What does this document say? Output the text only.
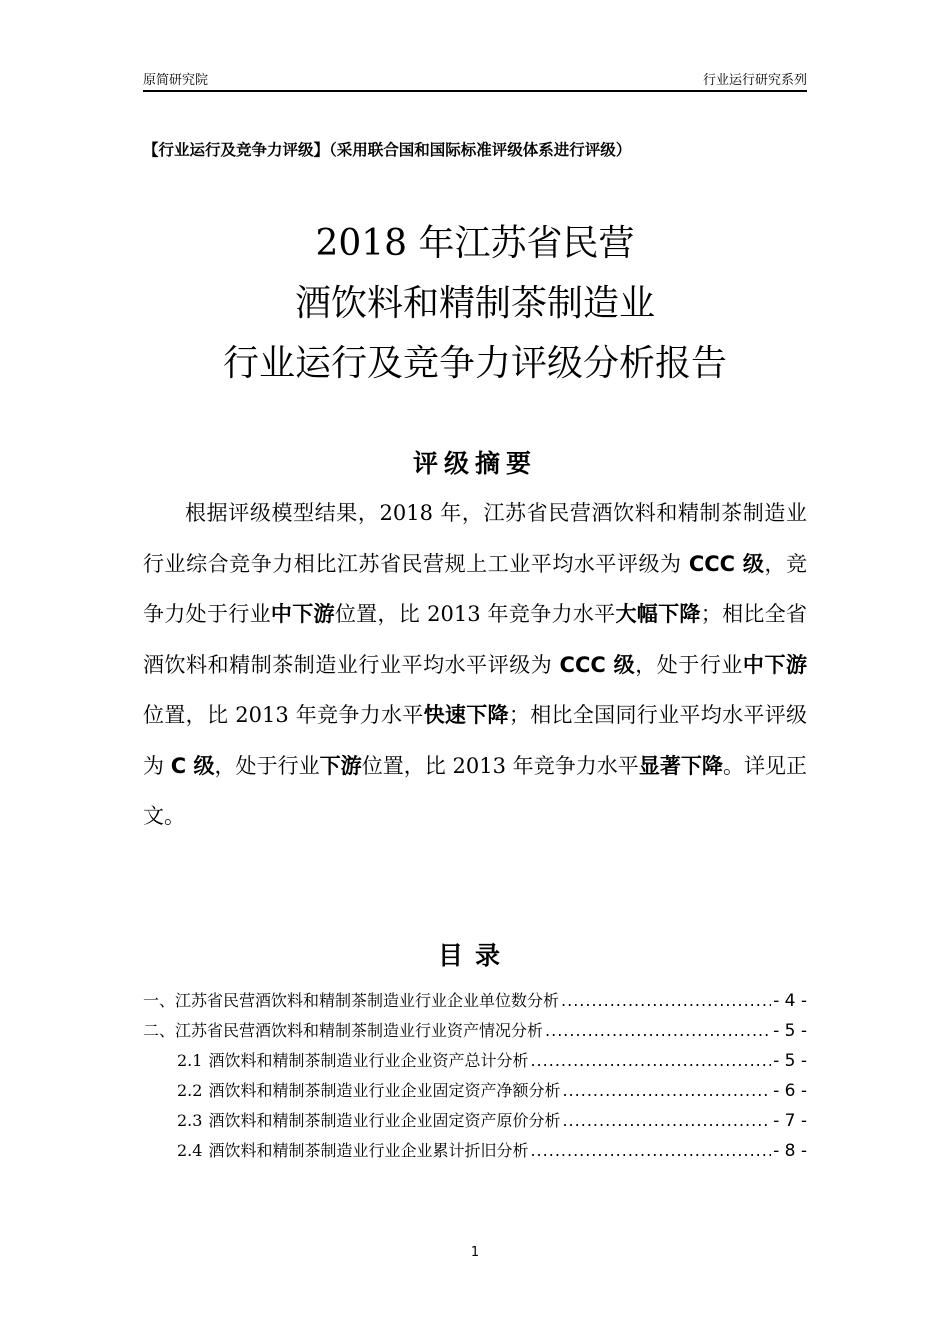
原简研究院	行业运行研究系列
【行业运行及竞争力评级】（采用联合国和国际标准评级体系进行评级）
2018 年江苏省民营
酒饮料和精制茶制造业
行业运行及竞争力评级分析报告
评级摘要
根据评级模型结果，2018 年，江苏省民营酒饮料和精制茶制造业行业综合竞争力相比江苏省民营规上工业平均水平评级为 CCC 级，竞争力处于行业中下游位置，比 2013 年竞争力水平大幅下降；相比全省酒饮料和精制茶制造业行业平均水平评级为 CCC 级，处于行业中下游位置，比 2013 年竞争力水平快速下降；相比全国同行业平均水平评级为 C 级，处于行业下游位置，比 2013 年竞争力水平显著下降。详见正文。
目录
一、江苏省民营酒饮料和精制茶制造业行业企业单位数分析 .....	- 4 -
二、江苏省民营酒饮料和精制茶制造业行业资产情况分析 .....	- 5 -
2.1 酒饮料和精制茶制造业行业企业资产总计分析 .....	- 5 -
2.2 酒饮料和精制茶制造业行业企业固定资产净额分析 .....	- 6 -
2.3 酒饮料和精制茶制造业行业企业固定资产原价分析 .....	- 7 -
2.4 酒饮料和精制茶制造业行业企业累计折旧分析 .....	- 8 -
1
